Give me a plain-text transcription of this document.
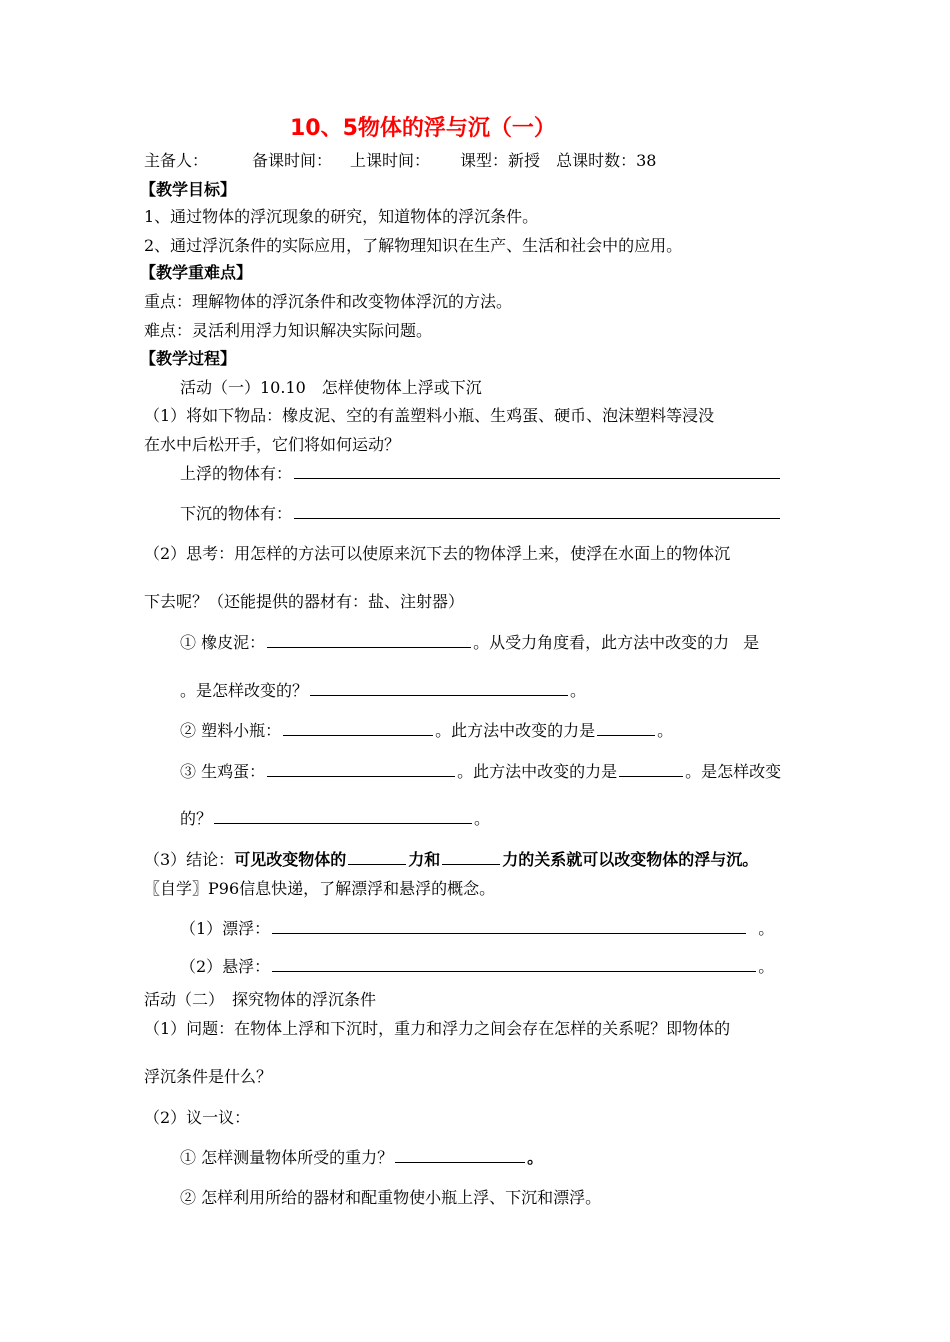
10、5物体的浮与沉（一）
主备人：	备课时间： 上课时间： 课型：新授 总课时数：38
【教学目标】
1、通过物体的浮沉现象的研究，知道物体的浮沉条件。
2、通过浮沉条件的实际应用，了解物理知识在生产、生活和社会中的应用。
【教学重难点】
重点：理解物体的浮沉条件和改变物体浮沉的方法。
难点：灵活利用浮力知识解决实际问题。
【教学过程】
活动（一）10.10　怎样使物体上浮或下沉
（1）将如下物品：橡皮泥、空的有盖塑料小瓶、生鸡蛋、硬币、泡沫塑料等浸没
在水中后松开手，它们将如何运动？
上浮的物体有：
下沉的物体有：
（2）思考：用怎样的方法可以使原来沉下去的物体浮上来，使浮在水面上的物体沉
下去呢？（还能提供的器材有：盐、注射器）
① 橡皮泥：	。从受力角度看，此方法中改变的力 是
。是怎样改变的？	。
② 塑料小瓶：	。此方法中改变的力是	。
③ 生鸡蛋：	。此方法中改变的力是	。是怎样改变
的？	。
（3）结论：可见改变物体的	力和	力的关系就可以改变物体的浮与沉。
〖自学〗P96信息快递，了解漂浮和悬浮的概念。
（1）漂浮：	。
（2）悬浮：	。
活动（二）　探究物体的浮沉条件
（1）问题：在物体上浮和下沉时，重力和浮力之间会存在怎样的关系呢？即物体的
浮沉条件是什么？
（2）议一议：
① 怎样测量物体所受的重力？	。
② 怎样利用所给的器材和配重物使小瓶上浮、下沉和漂浮。
